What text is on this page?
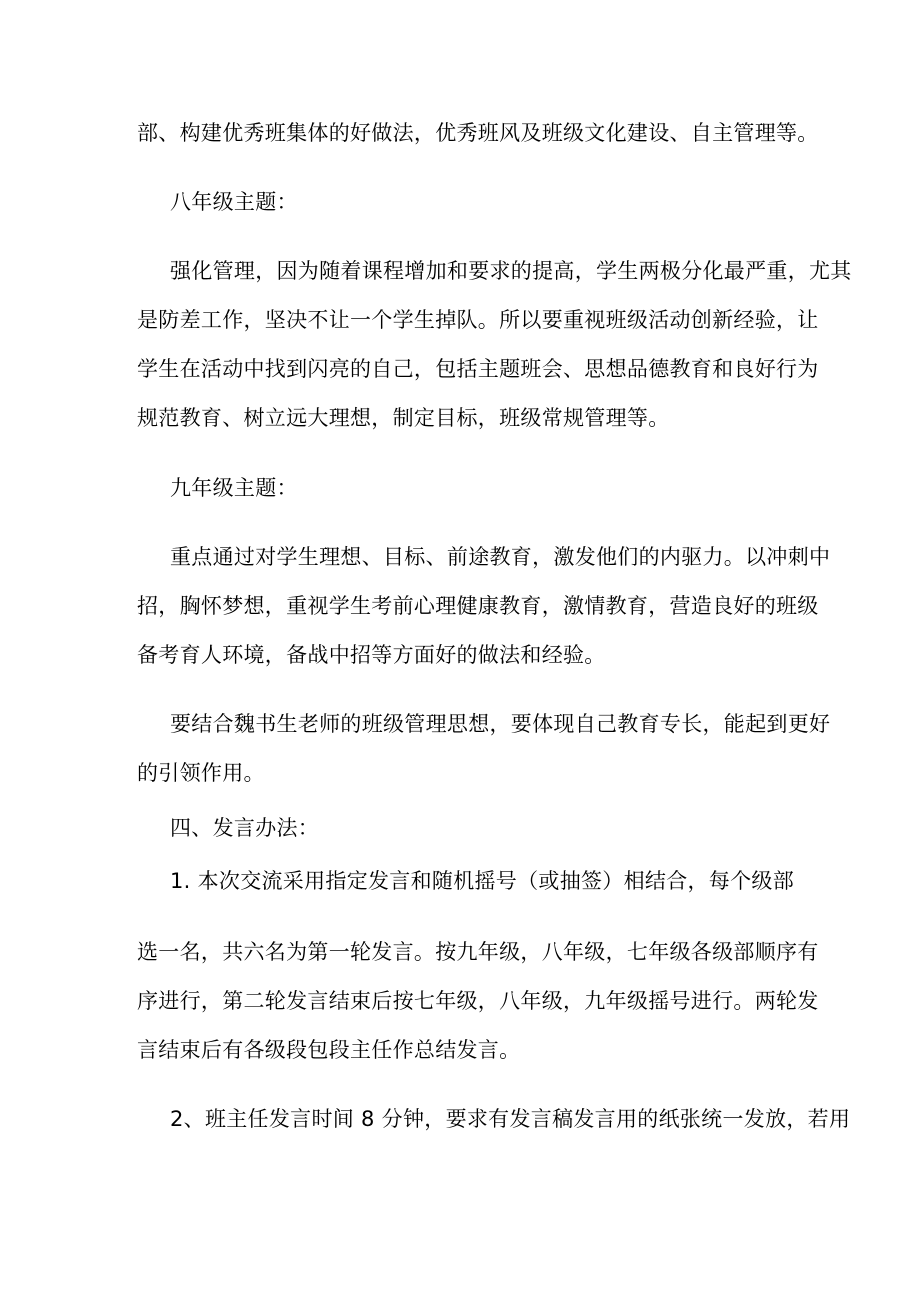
部、构建优秀班集体的好做法，优秀班风及班级文化建设、自主管理等。
八年级主题：
强化管理，因为随着课程增加和要求的提高，学生两极分化最严重，尤其
是防差工作，坚决不让一个学生掉队。所以要重视班级活动创新经验，让
学生在活动中找到闪亮的自己，包括主题班会、思想品德教育和良好行为
规范教育、树立远大理想，制定目标，班级常规管理等。
九年级主题：
重点通过对学生理想、目标、前途教育，激发他们的内驱力。以冲刺中
招，胸怀梦想，重视学生考前心理健康教育，激情教育，营造良好的班级
备考育人环境，备战中招等方面好的做法和经验。
要结合魏书生老师的班级管理思想，要体现自己教育专长，能起到更好
的引领作用。
四、发言办法：
1. 本次交流采用指定发言和随机摇号（或抽签）相结合，每个级部
选一名，共六名为第一轮发言。按九年级，八年级，七年级各级部顺序有
序进行，第二轮发言结束后按七年级，八年级，九年级摇号进行。两轮发
言结束后有各级段包段主任作总结发言。
2、班主任发言时间 8 分钟，要求有发言稿发言用的纸张统一发放，若用
